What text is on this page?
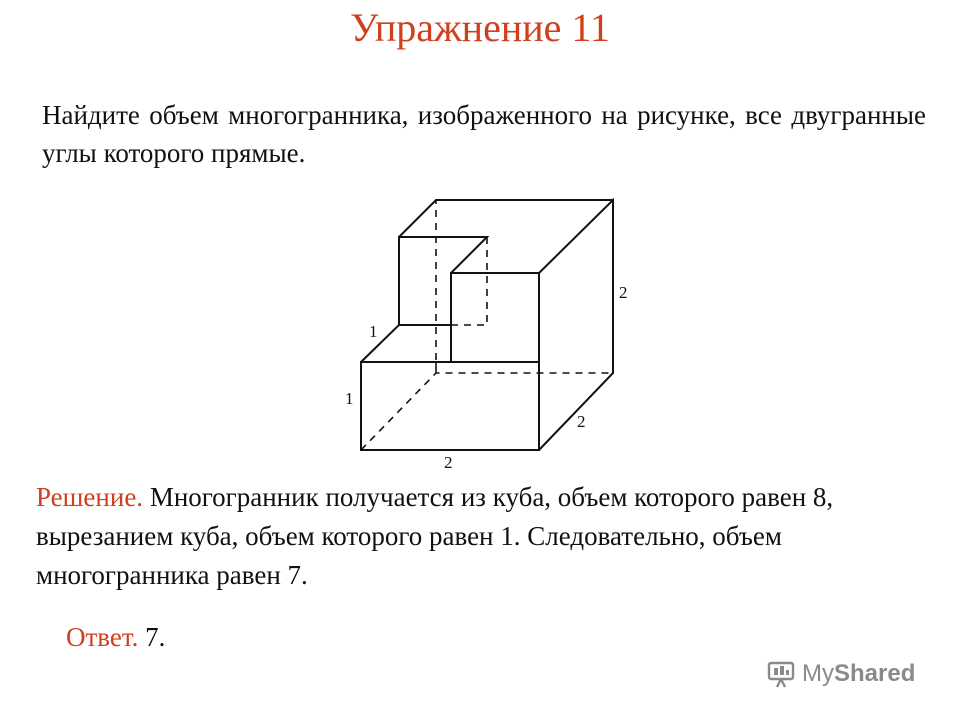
Упражнение 11
Найдите объем многогранника, изображенного на рисунке, все двугранные углы которого прямые.
2
2
2
1
1
Решение. Многогранник получается из куба, объем которого равен 8, вырезанием куба, объем которого равен 1. Следовательно, объем многогранника равен 7.
Ответ. 7.
MyShared
